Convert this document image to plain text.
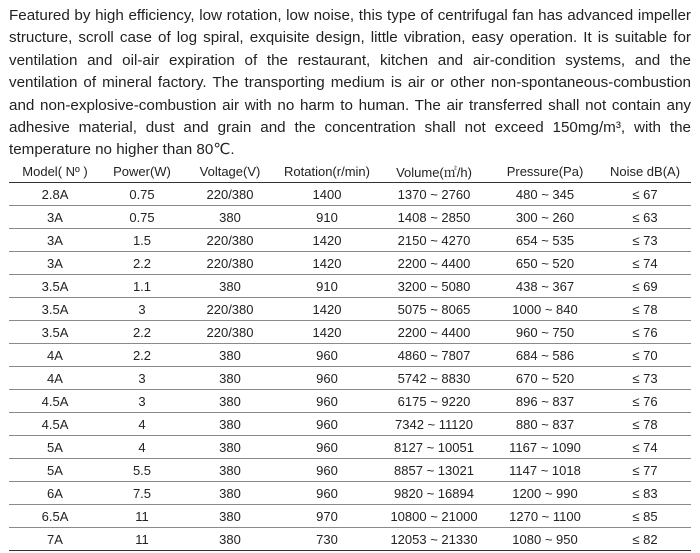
Featured by high efficiency, low rotation, low noise, this type of centrifugal fan has advanced impeller structure, scroll case of log spiral, exquisite design, little vibration, easy operation. It is suitable for ventilation and oil-air expiration of the restaurant, kitchen and air-condition systems, and the ventilation of mineral factory. The transporting medium is air or other non-spontaneous-combustion and non-explosive-combustion air with no harm to human. The air transferred shall not contain any adhesive material, dust and grain and the concentration shall not exceed 150mg/m³, with the temperature no higher than 80℃.

Model( Nº )	Power(W)	Voltage(V)	Rotation(r/min)	Volume(㎡/h)	Pressure(Pa)	Noise dB(A)
2.8A	0.75	220/380	1400	1370 ~ 2760	480 ~ 345	≤ 67
3A	0.75	380	910	1408 ~ 2850	300 ~ 260	≤ 63
3A	1.5	220/380	1420	2150 ~ 4270	654 ~ 535	≤ 73
3A	2.2	220/380	1420	2200 ~ 4400	650 ~ 520	≤ 74
3.5A	1.1	380	910	3200 ~ 5080	438 ~ 367	≤ 69
3.5A	3	220/380	1420	5075 ~ 8065	1000 ~ 840	≤ 78
3.5A	2.2	220/380	1420	2200 ~ 4400	960 ~ 750	≤ 76
4A	2.2	380	960	4860 ~ 7807	684 ~ 586	≤ 70
4A	3	380	960	5742 ~ 8830	670 ~ 520	≤ 73
4.5A	3	380	960	6175 ~ 9220	896 ~ 837	≤ 76
4.5A	4	380	960	7342 ~ 11120	880 ~ 837	≤ 78
5A	4	380	960	8127 ~ 10051	1167 ~ 1090	≤ 74
5A	5.5	380	960	8857 ~ 13021	1147 ~ 1018	≤ 77
6A	7.5	380	960	9820 ~ 16894	1200 ~ 990	≤ 83
6.5A	11	380	970	10800 ~ 21000	1270 ~ 1100	≤ 85
7A	11	380	730	12053 ~ 21330	1080 ~ 950	≤ 82
